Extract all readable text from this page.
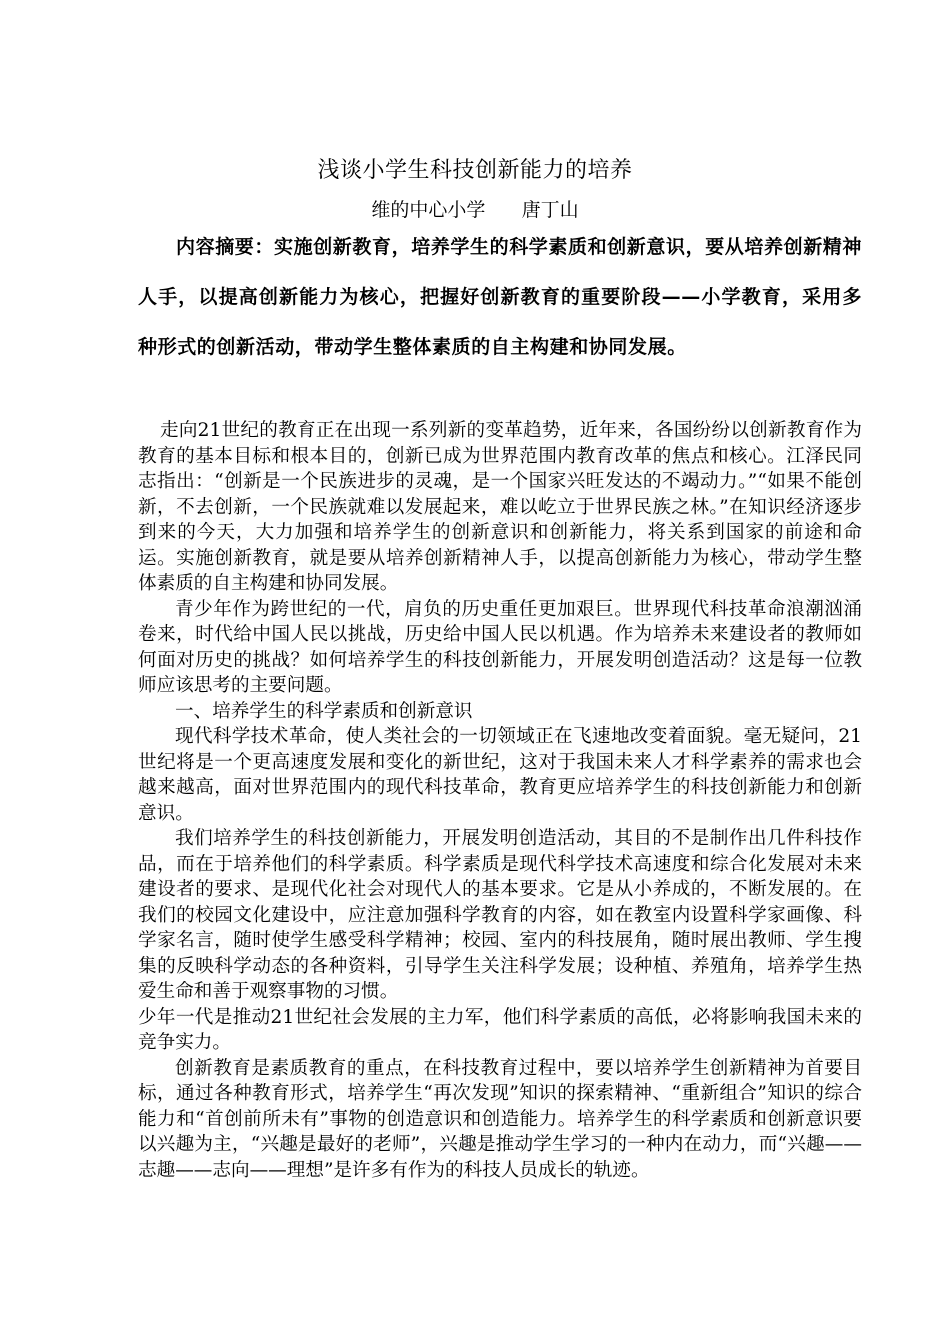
浅谈小学生科技创新能力的培养
维的中心小学      唐丁山

内容摘要：实施创新教育，培养学生的科学素质和创新意识，要从培养创新精神人手，以提高创新能力为核心，把握好创新教育的重要阶段——小学教育，采用多种形式的创新活动，带动学生整体素质的自主构建和协同发展。

走向21世纪的教育正在出现一系列新的变革趋势，近年来，各国纷纷以创新教育作为教育的基本目标和根本目的，创新已成为世界范围内教育改革的焦点和核心。江泽民同志指出：“创新是一个民族进步的灵魂，是一个国家兴旺发达的不竭动力。”“如果不能创新，不去创新，一个民族就难以发展起来，难以屹立于世界民族之林。”在知识经济逐步到来的今天，大力加强和培养学生的创新意识和创新能力，将关系到国家的前途和命运。实施创新教育，就是要从培养创新精神人手，以提高创新能力为核心，带动学生整体素质的自主构建和协同发展。

青少年作为跨世纪的一代，肩负的历史重任更加艰巨。世界现代科技革命浪潮汹涌卷来，时代给中国人民以挑战，历史给中国人民以机遇。作为培养未来建设者的教师如何面对历史的挑战？如何培养学生的科技创新能力，开展发明创造活动？这是每一位教师应该思考的主要问题。

一、培养学生的科学素质和创新意识

现代科学技术革命，使人类社会的一切领域正在飞速地改变着面貌。毫无疑问，21世纪将是一个更高速度发展和变化的新世纪，这对于我国未来人才科学素养的需求也会越来越高，面对世界范围内的现代科技革命，教育更应培养学生的科技创新能力和创新意识。

我们培养学生的科技创新能力，开展发明创造活动，其目的不是制作出几件科技作品，而在于培养他们的科学素质。科学素质是现代科学技术高速度和综合化发展对未来建设者的要求、是现代化社会对现代人的基本要求。它是从小养成的，不断发展的。在我们的校园文化建设中，应注意加强科学教育的内容，如在教室内设置科学家画像、科学家名言，随时使学生感受科学精神；校园、室内的科技展角，随时展出教师、学生搜集的反映科学动态的各种资料，引导学生关注科学发展；设种植、养殖角，培养学生热爱生命和善于观察事物的习惯。

少年一代是推动21世纪社会发展的主力军，他们科学素质的高低，必将影响我国未来的竞争实力。

创新教育是素质教育的重点，在科技教育过程中，要以培养学生创新精神为首要目标，通过各种教育形式，培养学生“再次发现”知识的探索精神、“重新组合”知识的综合能力和“首创前所未有”事物的创造意识和创造能力。培养学生的科学素质和创新意识要以兴趣为主，“兴趣是最好的老师”，兴趣是推动学生学习的一种内在动力，而“兴趣——志趣——志向——理想”是许多有作为的科技人员成长的轨迹。
